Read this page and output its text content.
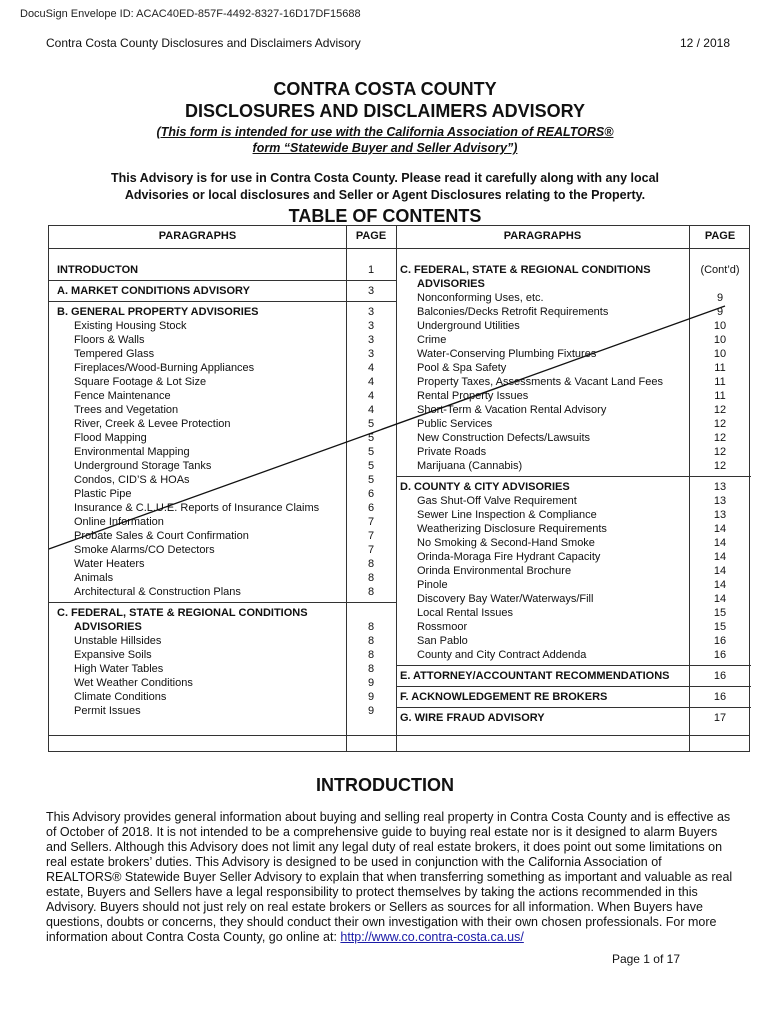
DocuSign Envelope ID: ACAC40ED-857F-4492-8327-16D17DF15688
Contra Costa County Disclosures and Disclaimers Advisory	12 / 2018
CONTRA COSTA COUNTY
DISCLOSURES AND DISCLAIMERS ADVISORY
(This form is intended for use with the California Association of REALTORS®
form “Statewide Buyer and Seller Advisory”)
This Advisory is for use in Contra Costa County. Please read it carefully along with any local
Advisories or local disclosures and Seller or Agent Disclosures relating to the Property.
TABLE OF CONTENTS
PARAGRAPHS	PAGE	PARAGRAPHS	PAGE
INTRODUCTON	1
A. MARKET CONDITIONS ADVISORY	3
B. GENERAL PROPERTY ADVISORIES	3
Existing Housing Stock	3
Floors & Walls	3
Tempered Glass	3
Fireplaces/Wood-Burning Appliances	4
Square Footage & Lot Size	4
Fence Maintenance	4
Trees and Vegetation	4
River, Creek & Levee Protection	5
Flood Mapping	5
Environmental Mapping	5
Underground Storage Tanks	5
Condos, CID’S & HOAs	5
Plastic Pipe	6
Insurance & C.L.U.E. Reports of Insurance Claims	6
Online Information	7
Probate Sales & Court Confirmation	7
Smoke Alarms/CO Detectors	7
Water Heaters	8
Animals	8
Architectural & Construction Plans	8
C. FEDERAL, STATE & REGIONAL CONDITIONS
ADVISORIES	8
Unstable Hillsides	8
Expansive Soils	8
High Water Tables	8
Wet Weather Conditions	9
Climate Conditions	9
Permit Issues	9
C. FEDERAL, STATE & REGIONAL CONDITIONS	(Cont’d)
ADVISORIES
Nonconforming Uses, etc.	9
Balconies/Decks Retrofit Requirements	9
Underground Utilities	10
Crime	10
Water-Conserving Plumbing Fixtures	10
Pool & Spa Safety	11
Property Taxes, Assessments & Vacant Land Fees	11
Rental Property Issues	11
Short-Term & Vacation Rental Advisory	12
Public Services	12
New Construction Defects/Lawsuits	12
Private Roads	12
Marijuana (Cannabis)	12
D. COUNTY & CITY ADVISORIES	13
Gas Shut-Off Valve Requirement	13
Sewer Line Inspection & Compliance	13
Weatherizing Disclosure Requirements	14
No Smoking & Second-Hand Smoke	14
Orinda-Moraga Fire Hydrant Capacity	14
Orinda Environmental Brochure	14
Pinole	14
Discovery Bay Water/Waterways/Fill	14
Local Rental Issues	15
Rossmoor	15
San Pablo	16
County and City Contract Addenda	16
E. ATTORNEY/ACCOUNTANT RECOMMENDATIONS	16
F. ACKNOWLEDGEMENT RE BROKERS	16
G. WIRE FRAUD ADVISORY	17
INTRODUCTION
This Advisory provides general information about buying and selling real property in Contra Costa County and is effective as of October of 2018. It is not intended to be a comprehensive guide to buying real estate nor is it designed to alarm Buyers and Sellers. Although this Advisory does not limit any legal duty of real estate brokers, it does point out some limitations on real estate brokers’ duties. This Advisory is designed to be used in conjunction with the California Association of REALTORS® Statewide Buyer Seller Advisory to explain that when transferring something as important and valuable as real estate, Buyers and Sellers have a legal responsibility to protect themselves by taking the actions recommended in this Advisory. Buyers should not just rely on real estate brokers or Sellers as sources for all information. When Buyers have questions, doubts or concerns, they should conduct their own investigation with their own chosen professionals. For more information about Contra Costa County, go online at: http://www.co.contra-costa.ca.us/
Page 1 of 17
